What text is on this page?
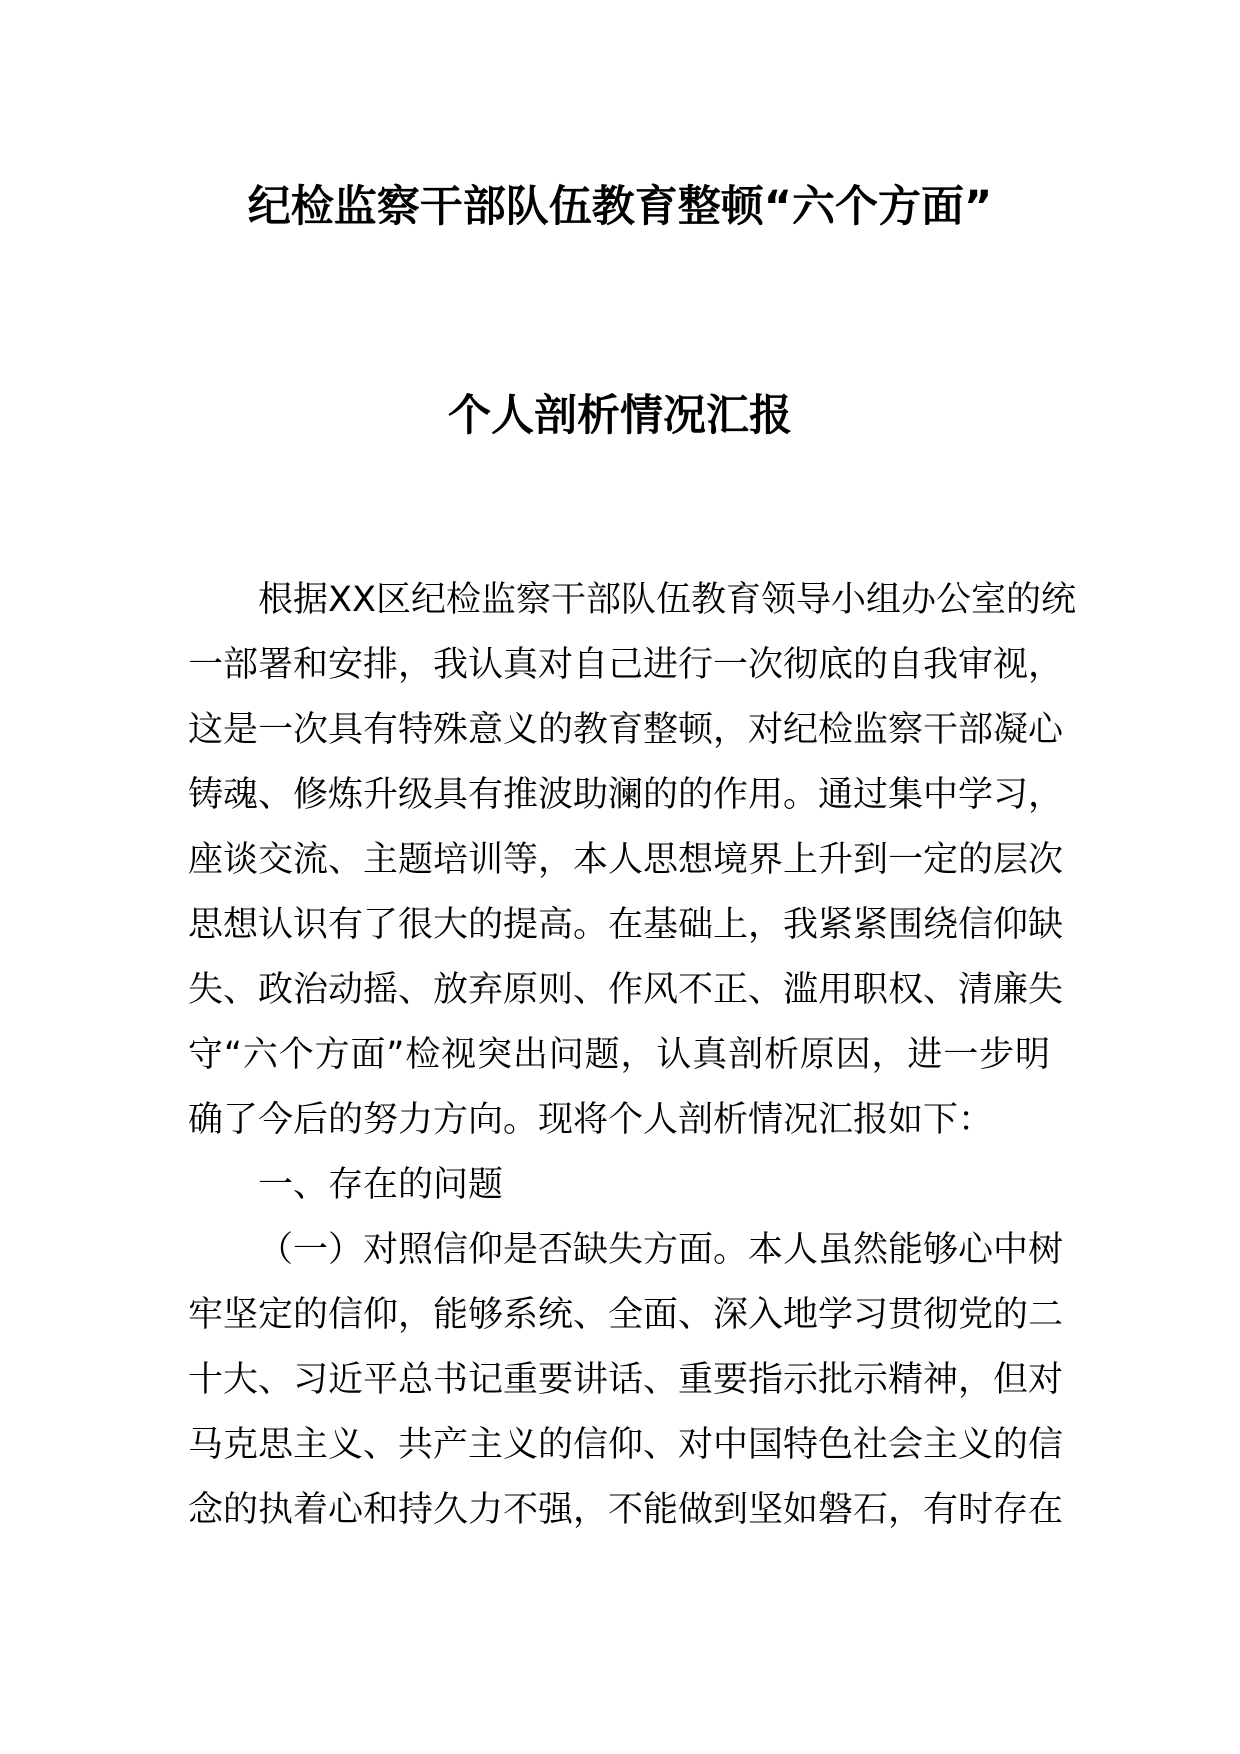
纪检监察干部队伍教育整顿“六个方面”
个人剖析情况汇报
根据XX区纪检监察干部队伍教育领导小组办公室的统
一部署和安排，我认真对自己进行一次彻底的自我审视，
这是一次具有特殊意义的教育整顿，对纪检监察干部凝心
铸魂、修炼升级具有推波助澜的的作用。通过集中学习，
座谈交流、主题培训等，本人思想境界上升到一定的层次
思想认识有了很大的提高。在基础上，我紧紧围绕信仰缺
失、政治动摇、放弃原则、作风不正、滥用职权、清廉失
守“六个方面”检视突出问题，认真剖析原因，进一步明
确了今后的努力方向。现将个人剖析情况汇报如下：
一、存在的问题
（一）对照信仰是否缺失方面。本人虽然能够心中树
牢坚定的信仰，能够系统、全面、深入地学习贯彻党的二
十大、习近平总书记重要讲话、重要指示批示精神，但对
马克思主义、共产主义的信仰、对中国特色社会主义的信
念的执着心和持久力不强，不能做到坚如磐石，有时存在
